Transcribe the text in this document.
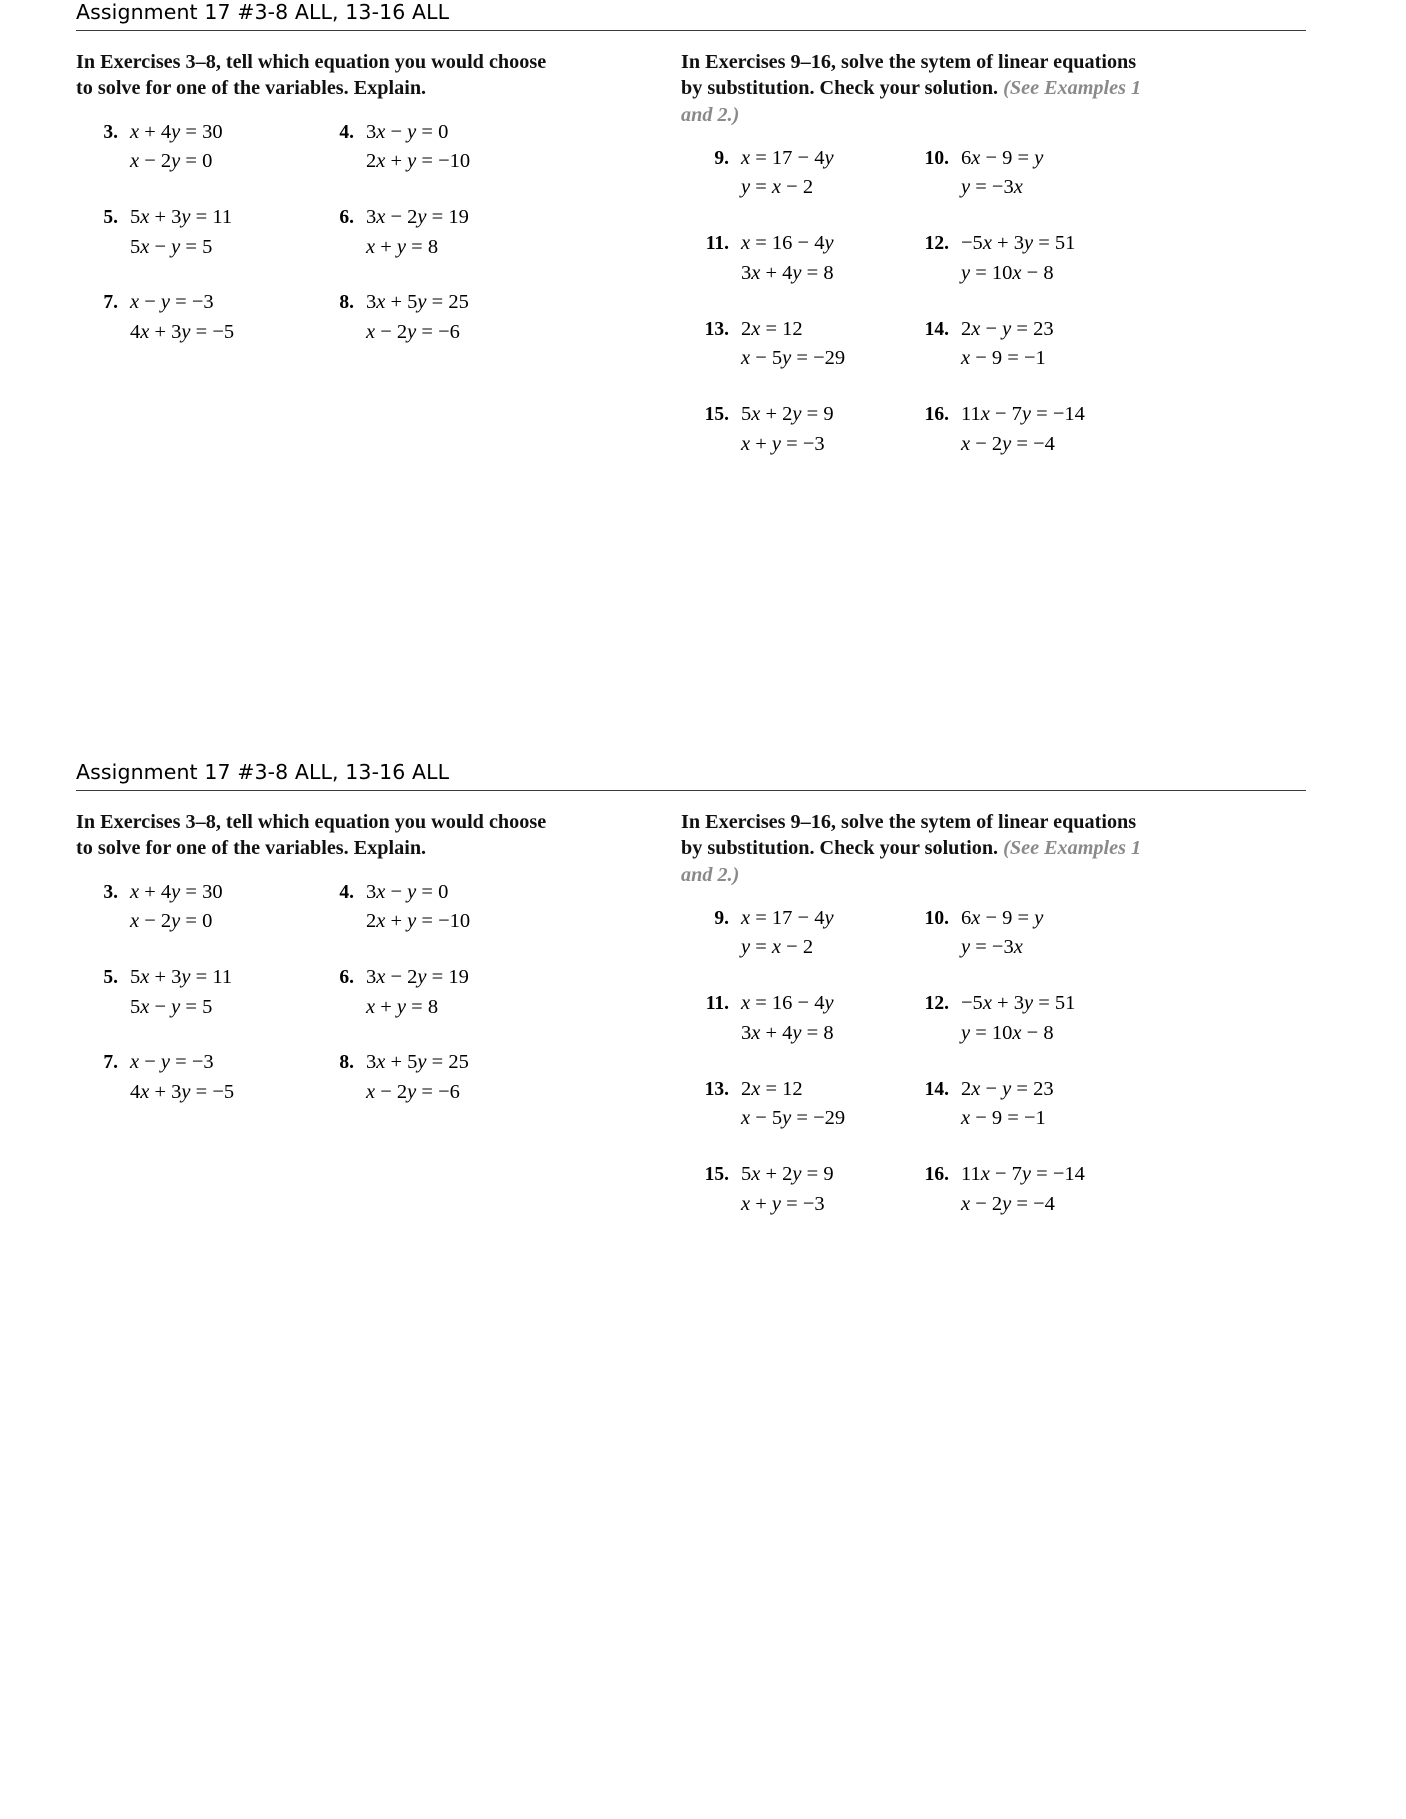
Assignment 17 #3-8 ALL, 13-16 ALL
In Exercises 3–8, tell which equation you would choose
to solve for one of the variables. Explain.
3. x + 4y = 30
x − 2y = 0
4. 3x − y = 0
2x + y = −10
5. 5x + 3y = 11
5x − y = 5
6. 3x − 2y = 19
x + y = 8
7. x − y = −3
4x + 3y = −5
8. 3x + 5y = 25
x − 2y = −6
In Exercises 9–16, solve the sytem of linear equations
by substitution. Check your solution. (See Examples 1
and 2.)
9. x = 17 − 4y
y = x − 2
10. 6x − 9 = y
y = −3x
11. x = 16 − 4y
3x + 4y = 8
12. −5x + 3y = 51
y = 10x − 8
13. 2x = 12
x − 5y = −29
14. 2x − y = 23
x − 9 = −1
15. 5x + 2y = 9
x + y = −3
16. 11x − 7y = −14
x − 2y = −4
Assignment 17 #3-8 ALL, 13-16 ALL
In Exercises 3–8, tell which equation you would choose
to solve for one of the variables. Explain.
3. x + 4y = 30
x − 2y = 0
4. 3x − y = 0
2x + y = −10
5. 5x + 3y = 11
5x − y = 5
6. 3x − 2y = 19
x + y = 8
7. x − y = −3
4x + 3y = −5
8. 3x + 5y = 25
x − 2y = −6
In Exercises 9–16, solve the sytem of linear equations
by substitution. Check your solution. (See Examples 1
and 2.)
9. x = 17 − 4y
y = x − 2
10. 6x − 9 = y
y = −3x
11. x = 16 − 4y
3x + 4y = 8
12. −5x + 3y = 51
y = 10x − 8
13. 2x = 12
x − 5y = −29
14. 2x − y = 23
x − 9 = −1
15. 5x + 2y = 9
x + y = −3
16. 11x − 7y = −14
x − 2y = −4
